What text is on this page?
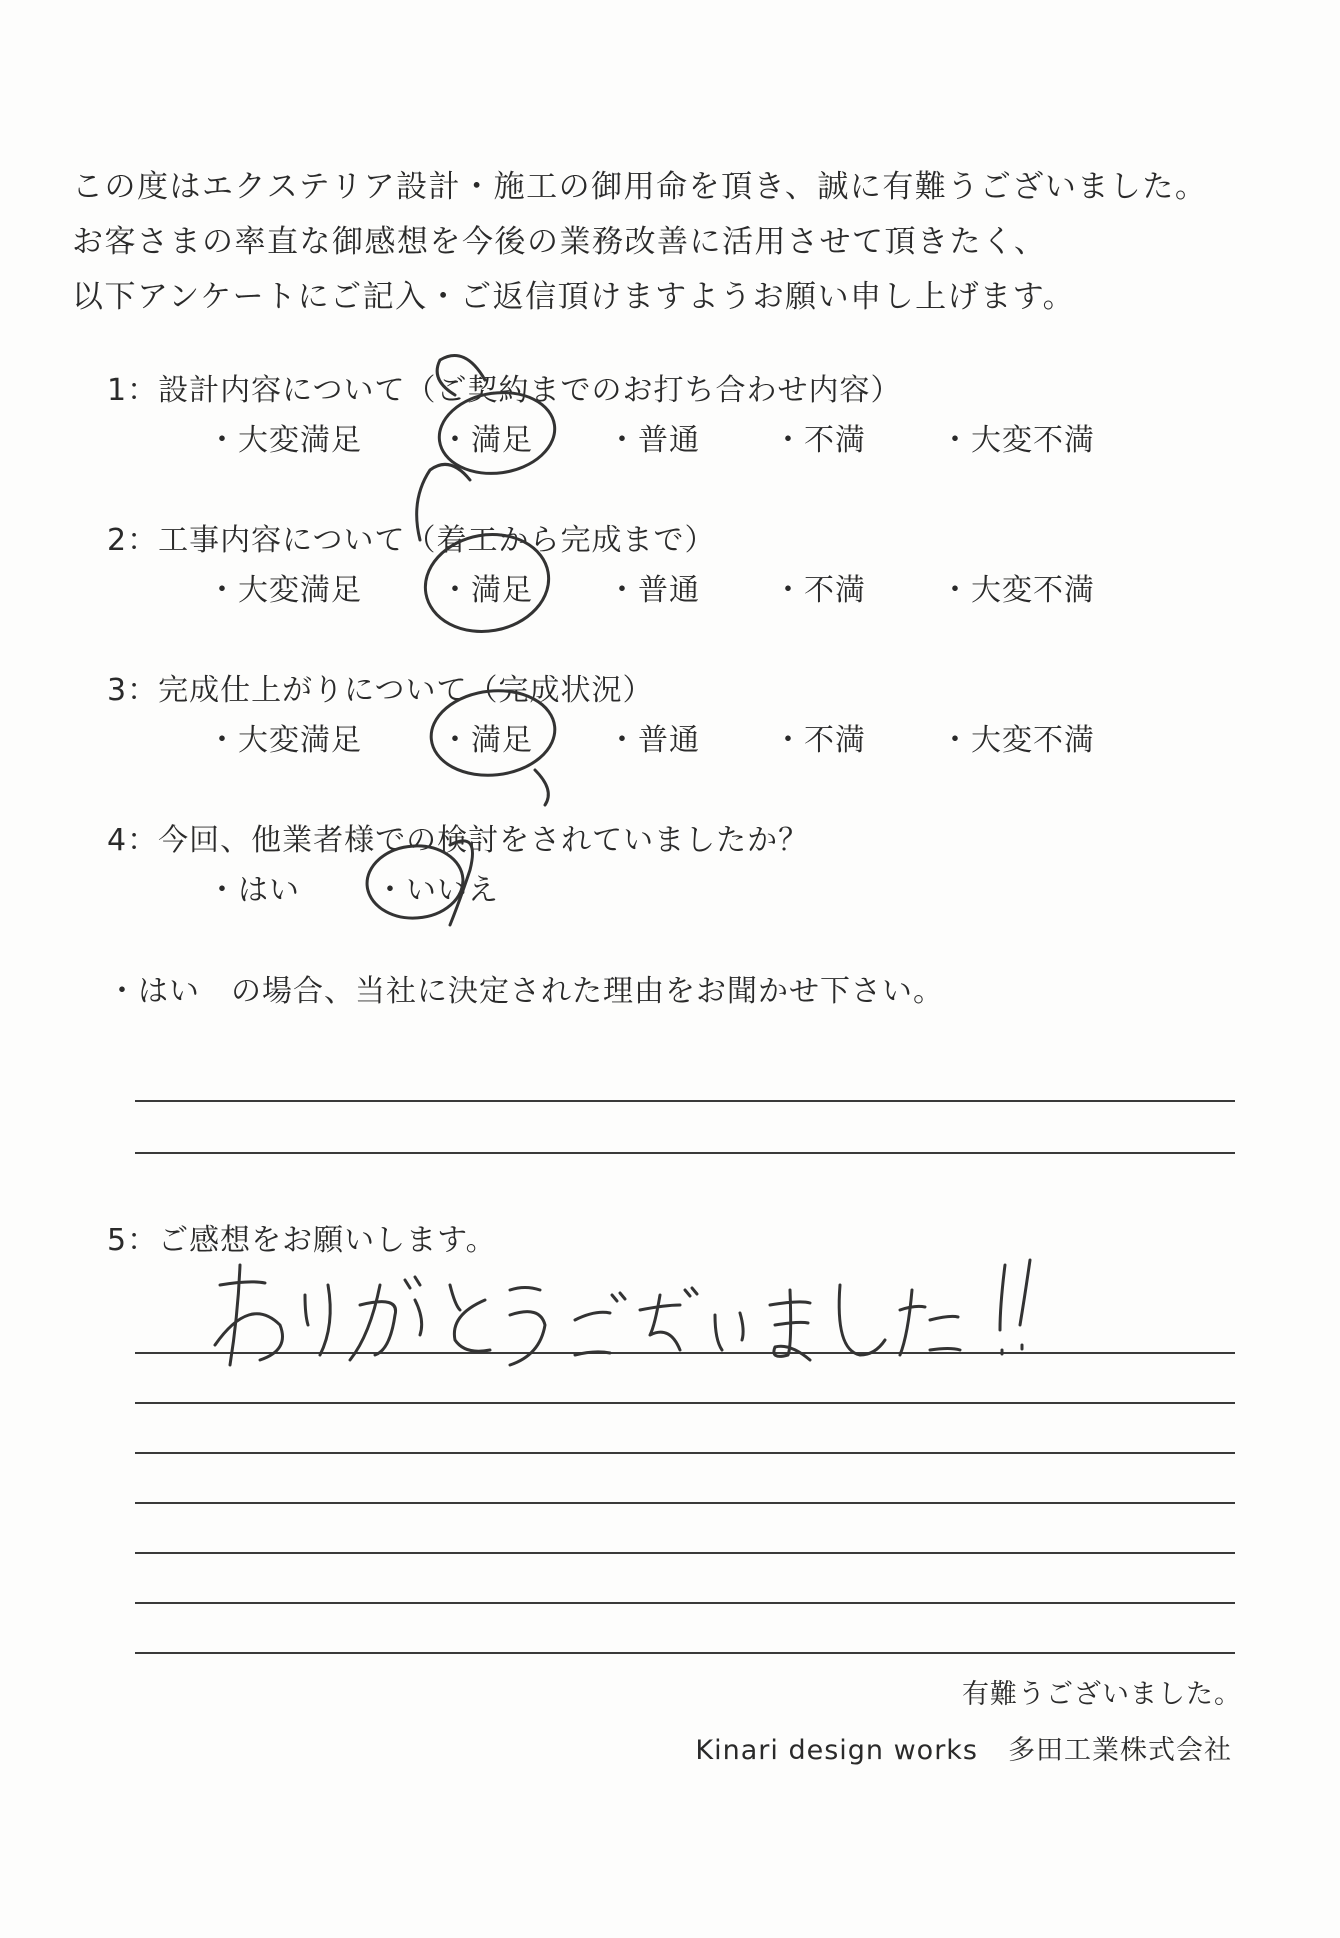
この度はエクステリア設計・施工の御用命を頂き、誠に有難うございました。
お客さまの率直な御感想を今後の業務改善に活用させて頂きたく、
以下アンケートにご記入・ご返信頂けますようお願い申し上げます。
1：設計内容について（ご契約までのお打ち合わせ内容）
・大変満足	・満足 ・普通 ・不満 ・大変不満
2：工事内容について（着工から完成まで）
・大変満足	・満足 ・普通 ・不満 ・大変不満
3：完成仕上がりについて（完成状況）
・大変満足	・満足 ・普通 ・不満 ・大変不満
4：今回、他業者様での検討をされていましたか？
・はい	・いいえ
・はい　の場合、当社に決定された理由をお聞かせ下さい。
5：ご感想をお願いします。
有難うございました。
Kinari design works 多田工業株式会社
